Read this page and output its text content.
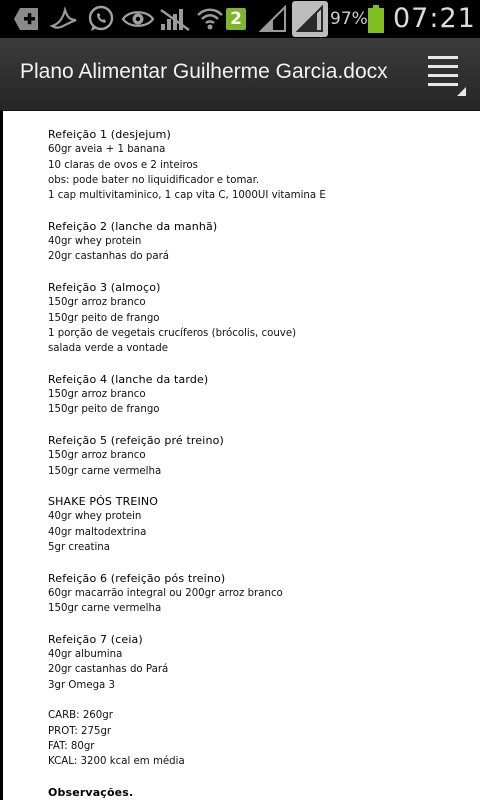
2	97% 07:21
Plano Alimentar Guilherme Garcia.docx
Refeição 1 (desjejum)
60gr aveia + 1 banana
10 claras de ovos e 2 inteiros
obs: pode bater no liquidificador e tomar.
1 cap multivitaminico, 1 cap vita C, 1000UI vitamina E
Refeição 2 (lanche da manhã)
40gr whey protein
20gr castanhas do pará
Refeição 3 (almoço)
150gr arroz branco
150gr peito de frango
1 porção de vegetais crucíferos (brócolis, couve)
salada verde a vontade
Refeição 4 (lanche da tarde)
150gr arroz branco
150gr peito de frango
Refeição 5 (refeição pré treino)
150gr arroz branco
150gr carne vermelha
SHAKE PÓS TREINO
40gr whey protein
40gr maltodextrina
5gr creatina
Refeição 6 (refeição pós treino)
60gr macarrão integral ou 200gr arroz branco
150gr carne vermelha
Refeição 7 (ceia)
40gr albumina
20gr castanhas do Pará
3gr Omega 3
CARB: 260gr
PROT: 275gr
FAT: 80gr
KCAL: 3200 kcal em média
Observações.
